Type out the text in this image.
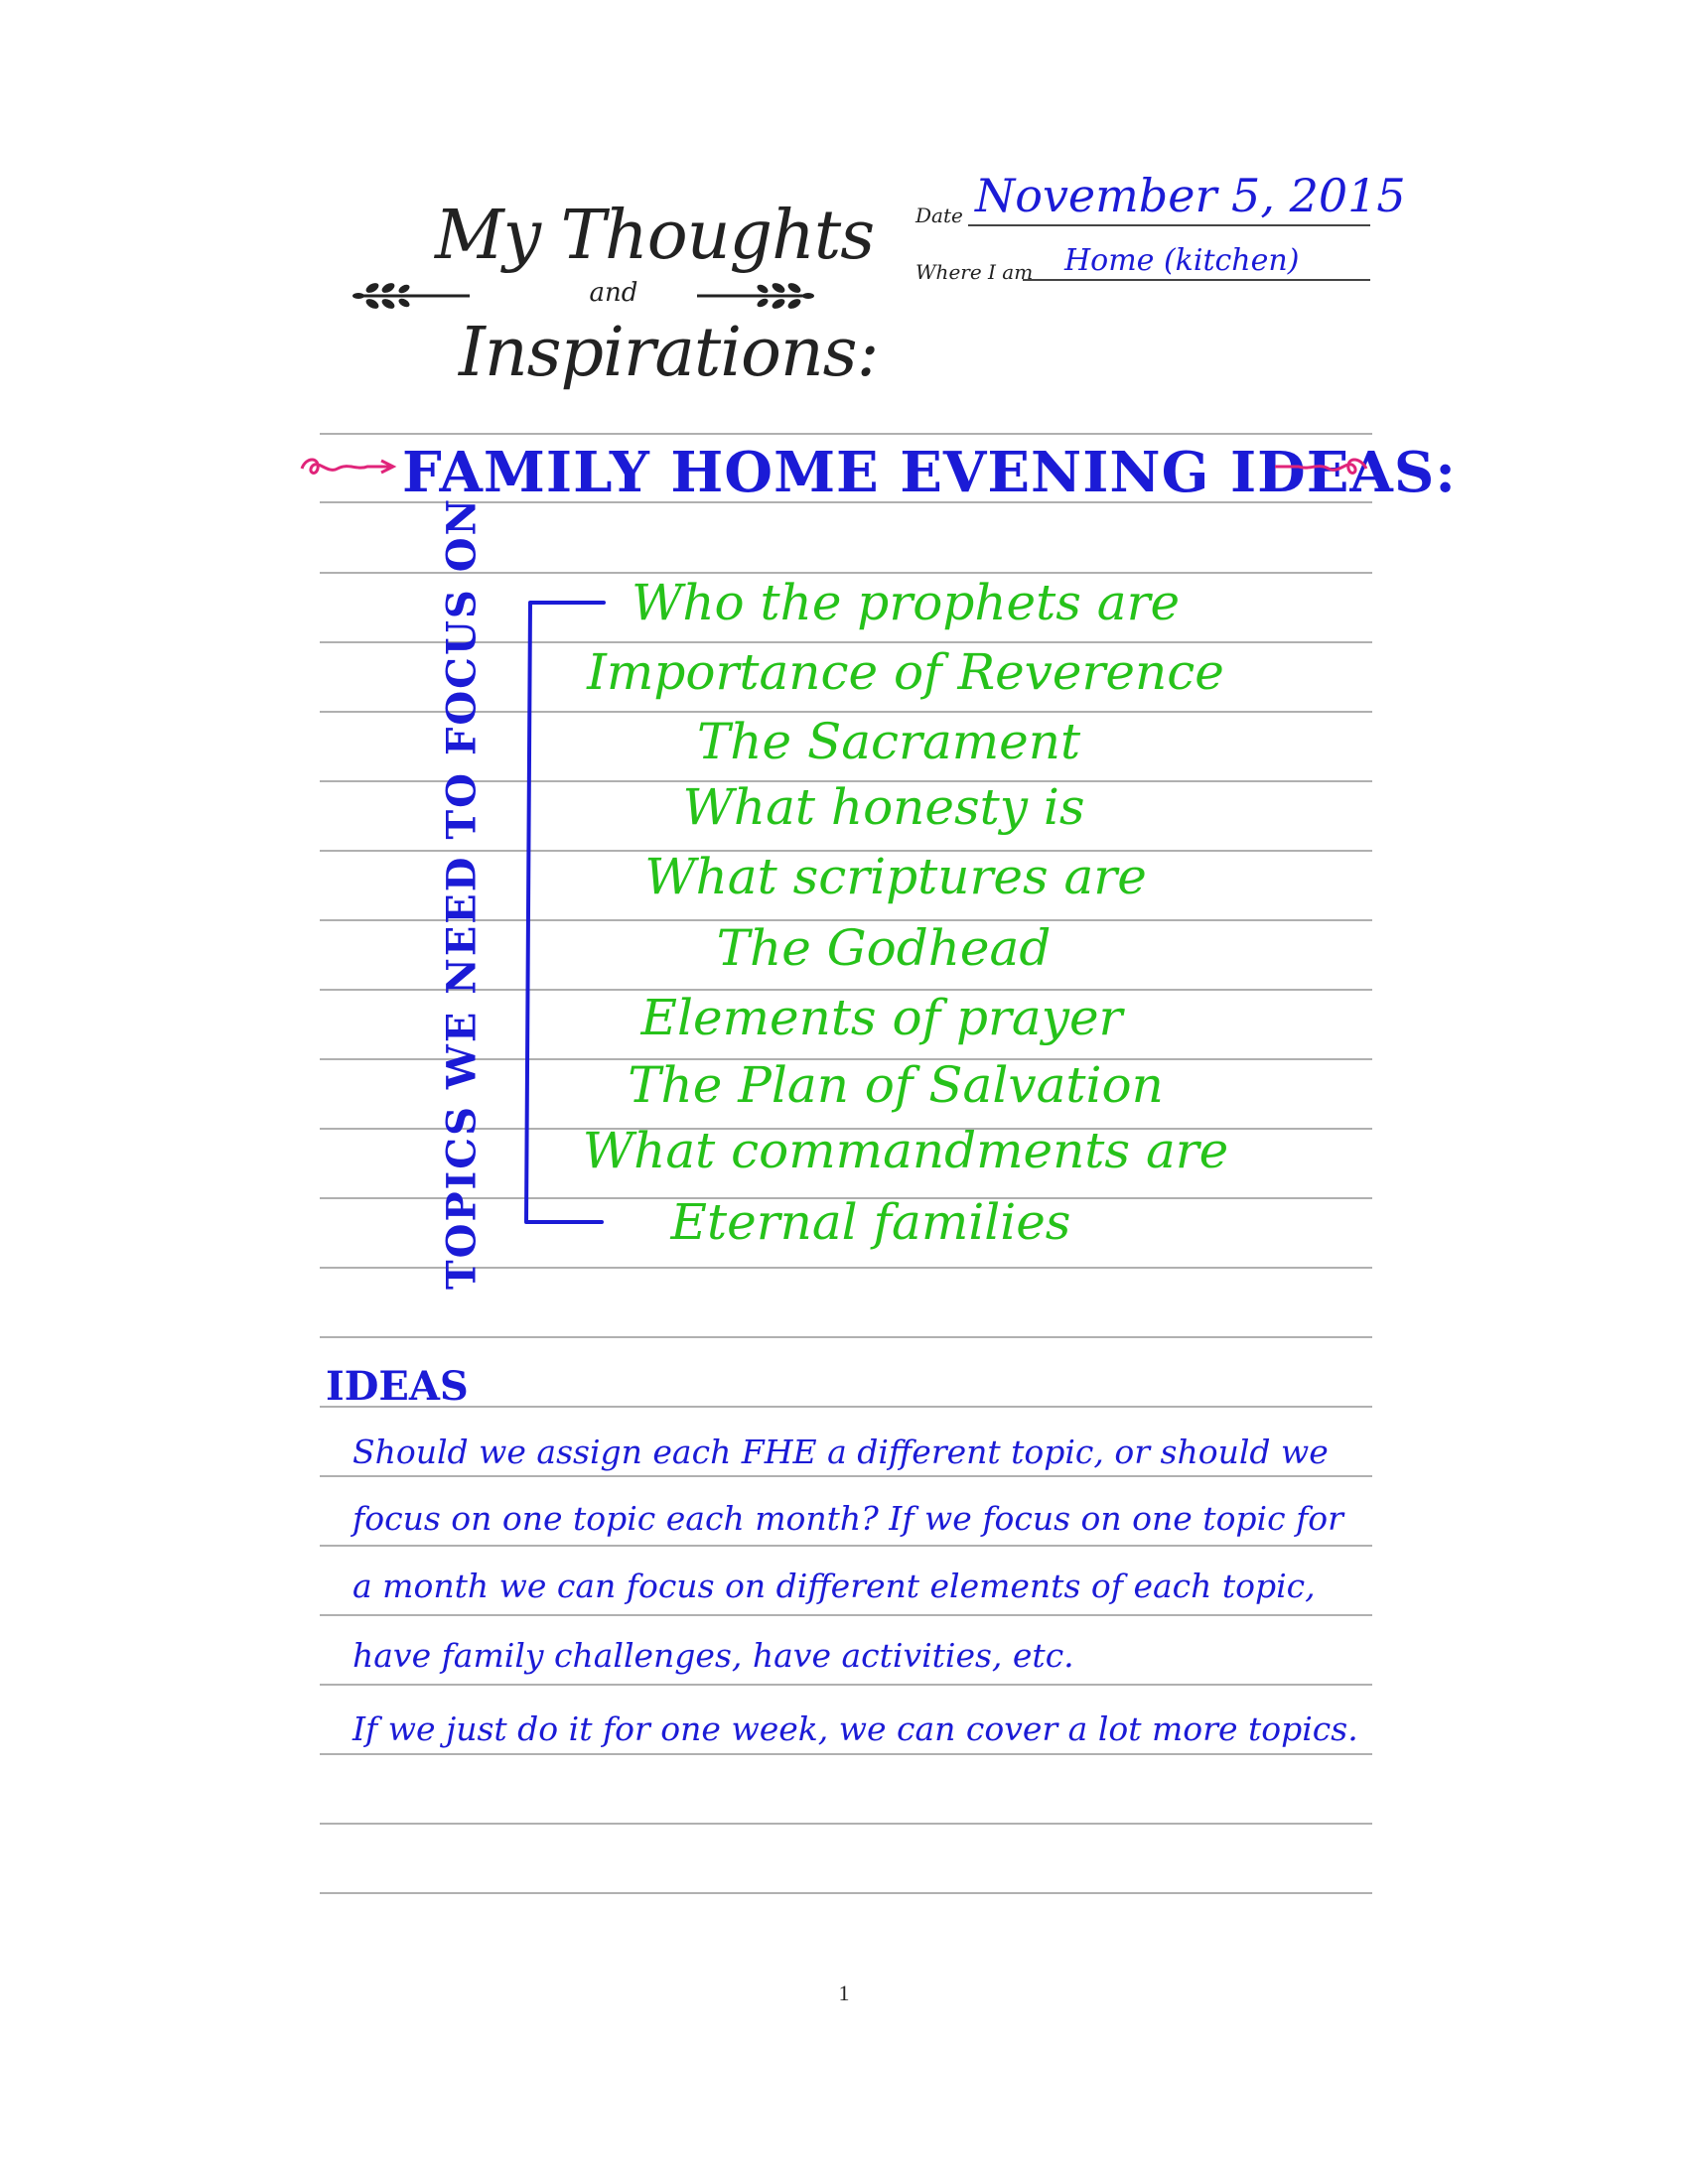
My Thoughts
and
Inspirations:
Date November 5, 2015
Where I am Home (kitchen)
FAMILY HOME EVENING IDEAS:
TOPICS WE NEED TO FOCUS ON	Who the prophets are
Importance of Reverence
The Sacrament
What honesty is
What scriptures are
The Godhead
Elements of prayer
The Plan of Salvation
What commandments are
Eternal families
IDEAS
Should we assign each FHE a different topic, or should we
focus on one topic each month? If we focus on one topic for
a month we can focus on different elements of each topic,
have family challenges, have activities, etc.
If we just do it for one week, we can cover a lot more topics.
1
